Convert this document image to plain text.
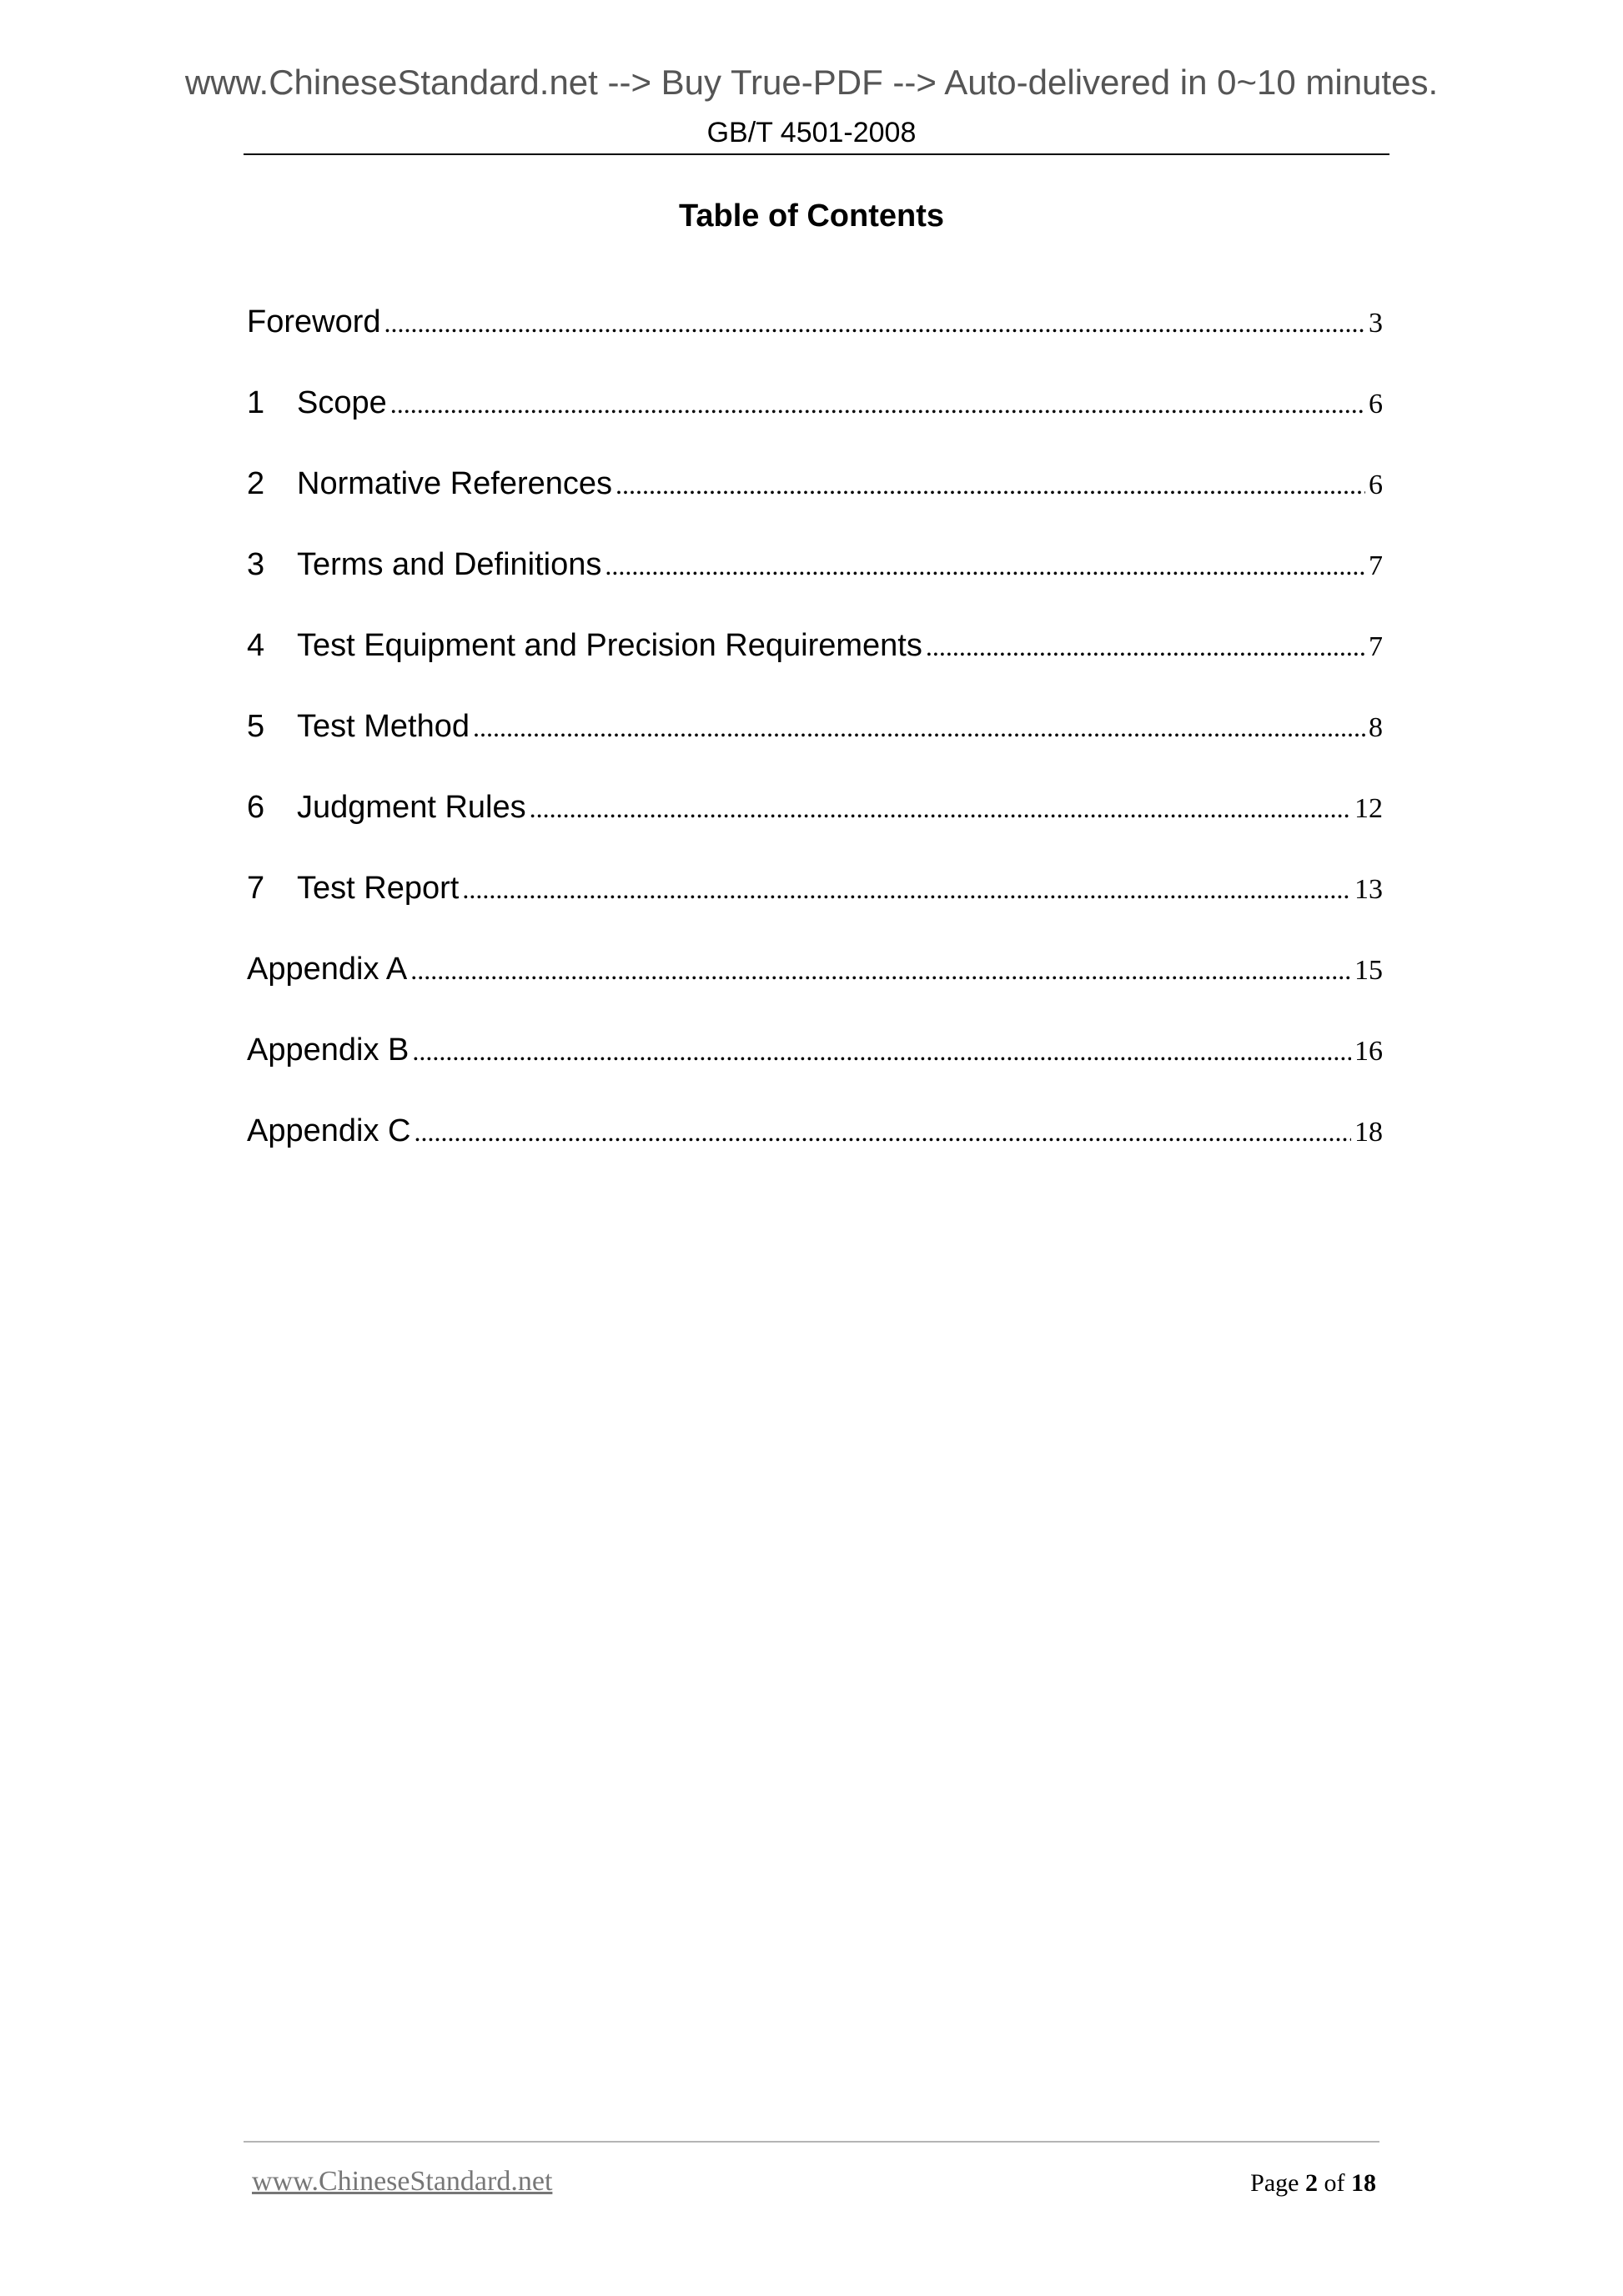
www.ChineseStandard.net --> Buy True-PDF --> Auto-delivered in 0~10 minutes.
GB/T 4501-2008
Table of Contents
Foreword .....	3
1	Scope .....	6
2	Normative References .....	6
3	Terms and Definitions .....	7
4	Test Equipment and Precision Requirements .....	7
5	Test Method .....	8
6	Judgment Rules .....	12
7	Test Report .....	13
Appendix A .....	15
Appendix B .....	16
Appendix C .....	18
www.ChineseStandard.net	Page 2 of 18
